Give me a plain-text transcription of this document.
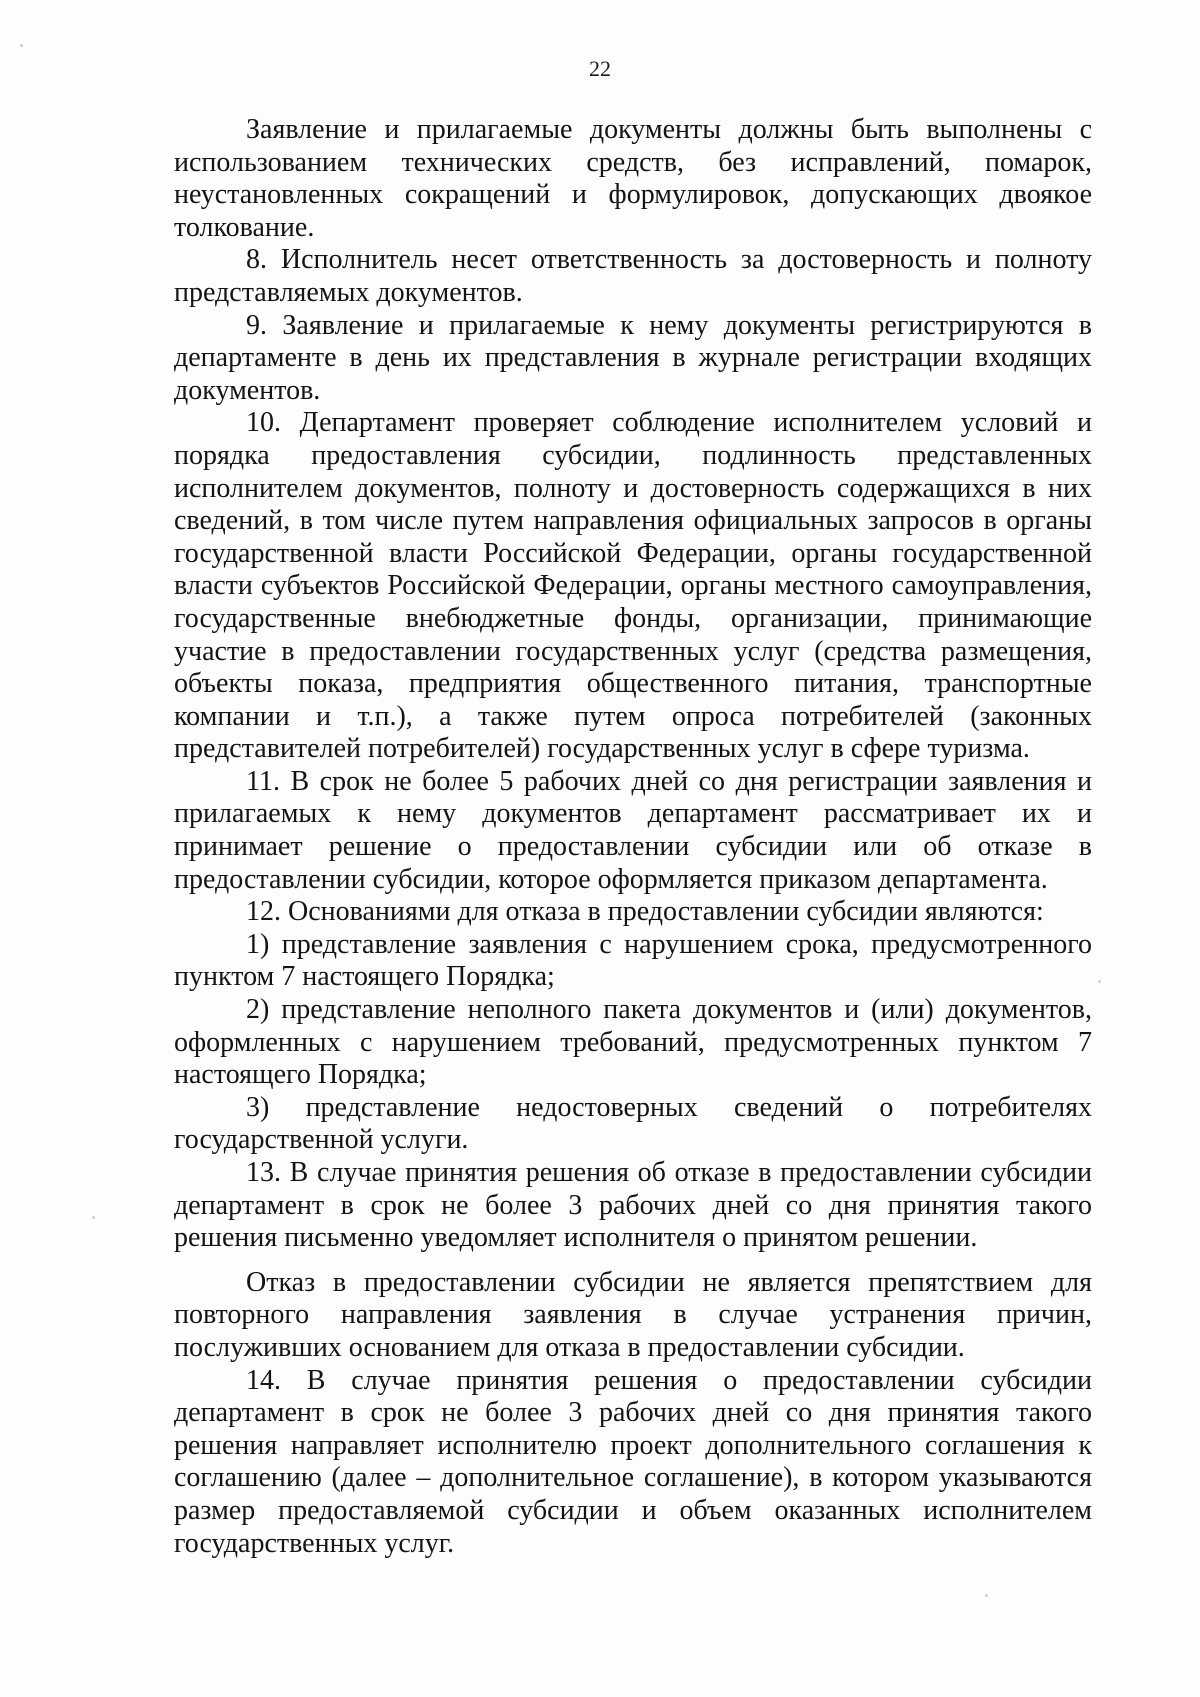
22

Заявление и прилагаемые документы должны быть выполнены с использованием технических средств, без исправлений, помарок, неустановленных сокращений и формулировок, допускающих двоякое толкование.

8. Исполнитель несет ответственность за достоверность и полноту представляемых документов.

9. Заявление и прилагаемые к нему документы регистрируются в департаменте в день их представления в журнале регистрации входящих документов.

10. Департамент проверяет соблюдение исполнителем условий и порядка предоставления субсидии, подлинность представленных исполнителем документов, полноту и достоверность содержащихся в них сведений, в том числе путем направления официальных запросов в органы государственной власти Российской Федерации, органы государственной власти субъектов Российской Федерации, органы местного самоуправления, государственные внебюджетные фонды, организации, принимающие участие в предоставлении государственных услуг (средства размещения, объекты показа, предприятия общественного питания, транспортные компании и т.п.), а также путем опроса потребителей (законных представителей потребителей) государственных услуг в сфере туризма.

11. В срок не более 5 рабочих дней со дня регистрации заявления и прилагаемых к нему документов департамент рассматривает их и принимает решение о предоставлении субсидии или об отказе в предоставлении субсидии, которое оформляется приказом департамента.

12. Основаниями для отказа в предоставлении субсидии являются:

1) представление заявления с нарушением срока, предусмотренного пунктом 7 настоящего Порядка;

2) представление неполного пакета документов и (или) документов, оформленных с нарушением требований, предусмотренных пунктом 7 настоящего Порядка;

3) представление недостоверных сведений о потребителях государственной услуги.

13. В случае принятия решения об отказе в предоставлении субсидии департамент в срок не более 3 рабочих дней со дня принятия такого решения письменно уведомляет исполнителя о принятом решении.

Отказ в предоставлении субсидии не является препятствием для повторного направления заявления в случае устранения причин, послуживших основанием для отказа в предоставлении субсидии.

14. В случае принятия решения о предоставлении субсидии департамент в срок не более 3 рабочих дней со дня принятия такого решения направляет исполнителю проект дополнительного соглашения к соглашению (далее – дополнительное соглашение), в котором указываются размер предоставляемой субсидии и объем оказанных исполнителем государственных услуг.
